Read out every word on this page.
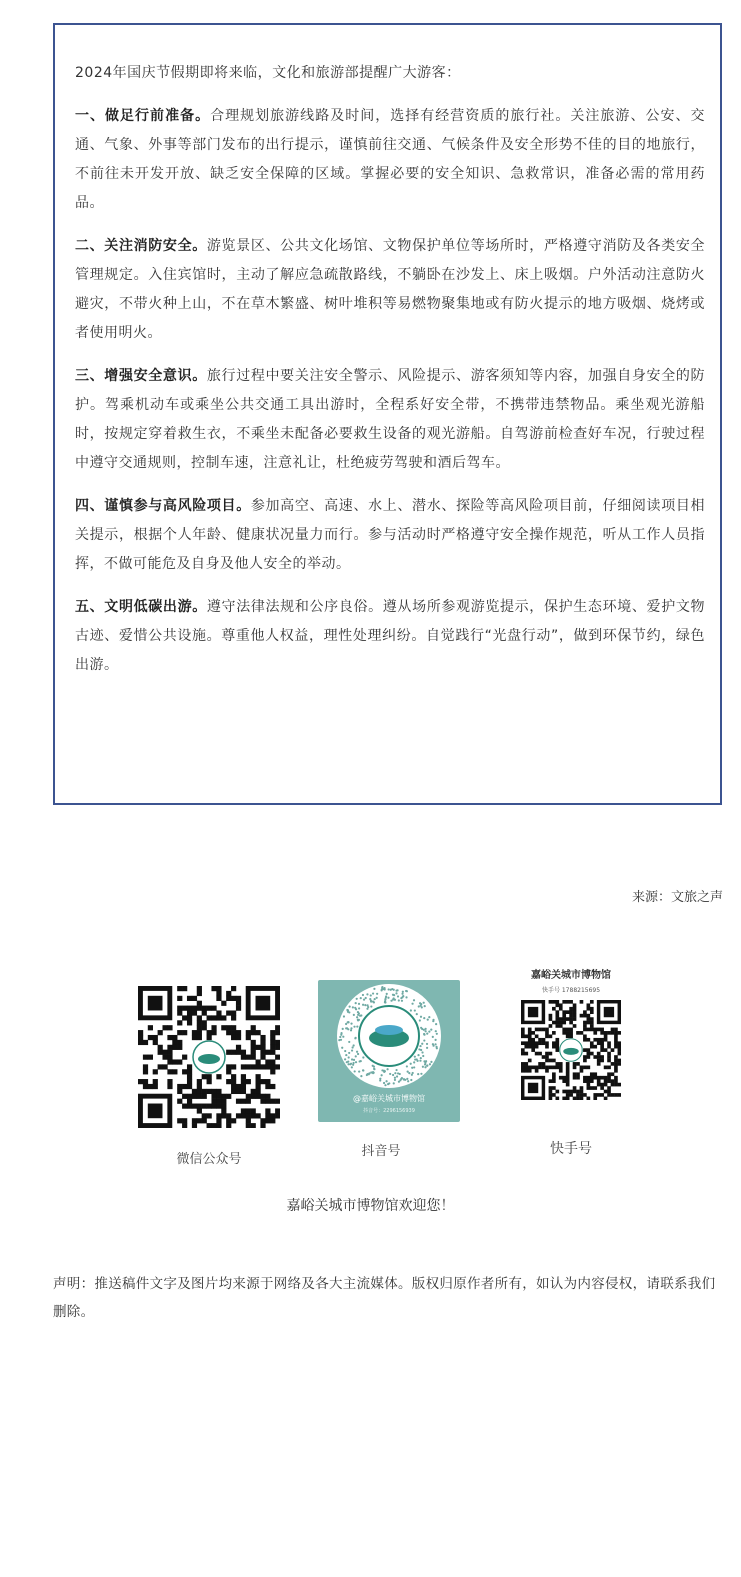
2024年国庆节假期即将来临，文化和旅游部提醒广大游客：

一、做足行前准备。合理规划旅游线路及时间，选择有经营资质的旅行社。关注旅游、公安、交通、气象、外事等部门发布的出行提示，谨慎前往交通、气候条件及安全形势不佳的目的地旅行，不前往未开发开放、缺乏安全保障的区域。掌握必要的安全知识、急救常识，准备必需的常用药品。

二、关注消防安全。游览景区、公共文化场馆、文物保护单位等场所时，严格遵守消防及各类安全管理规定。入住宾馆时，主动了解应急疏散路线，不躺卧在沙发上、床上吸烟。户外活动注意防火避灾，不带火种上山，不在草木繁盛、树叶堆积等易燃物聚集地或有防火提示的地方吸烟、烧烤或者使用明火。

三、增强安全意识。旅行过程中要关注安全警示、风险提示、游客须知等内容，加强自身安全的防护。驾乘机动车或乘坐公共交通工具出游时，全程系好安全带，不携带违禁物品。乘坐观光游船时，按规定穿着救生衣，不乘坐未配备必要救生设备的观光游船。自驾游前检查好车况，行驶过程中遵守交通规则，控制车速，注意礼让，杜绝疲劳驾驶和酒后驾车。

四、谨慎参与高风险项目。参加高空、高速、水上、潜水、探险等高风险项目前，仔细阅读项目相关提示，根据个人年龄、健康状况量力而行。参与活动时严格遵守安全操作规范，听从工作人员指挥，不做可能危及自身及他人安全的举动。

五、文明低碳出游。遵守法律法规和公序良俗。遵从场所参观游览提示，保护生态环境、爱护文物古迹、爱惜公共设施。尊重他人权益，理性处理纠纷。自觉践行“光盘行动”，做到环保节约，绿色出游。

来源：文旅之声
微信公众号
@嘉峪关城市博物馆
抖音号：2296156939
抖音号
嘉峪关城市博物馆
快手号 1788215695
快手号
嘉峪关城市博物馆欢迎您！
声明：推送稿件文字及图片均来源于网络及各大主流媒体。版权归原作者所有，如认为内容侵权，请联系我们删除。
